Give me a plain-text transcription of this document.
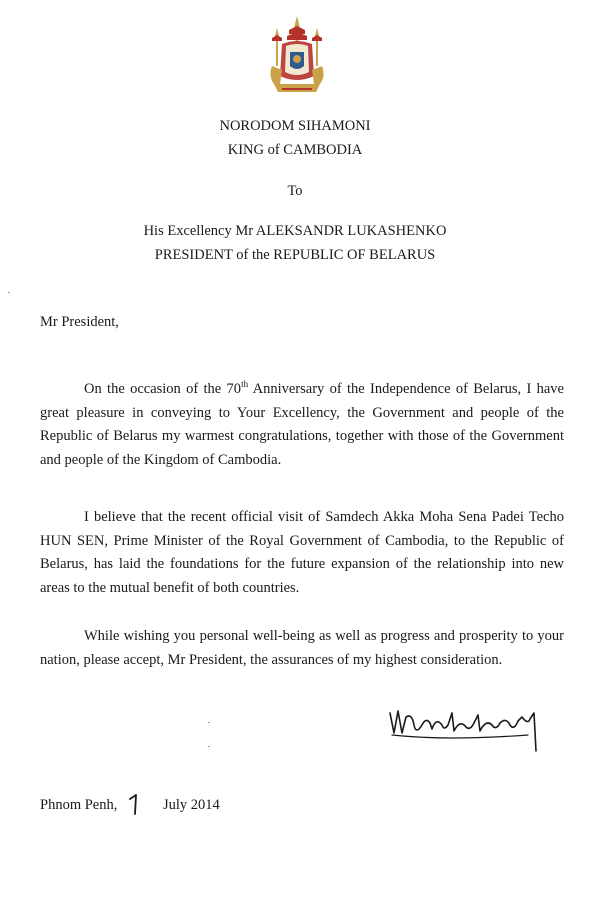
NORODOM SIHAMONI
KING of CAMBODIA
To
His Excellency Mr ALEKSANDR LUKASHENKO
PRESIDENT of the REPUBLIC OF BELARUS
Mr President,

On the occasion of the 70th Anniversary of the Independence of Belarus, I have great pleasure in conveying to Your Excellency, the Government and people of the Republic of Belarus my warmest congratulations, together with those of the Government and people of the Kingdom of Cambodia.

I believe that the recent official visit of Samdech Akka Moha Sena Padei Techo HUN SEN, Prime Minister of the Royal Government of Cambodia, to the Republic of Belarus, has laid the foundations for the future expansion of the relationship into new areas to the mutual benefit of both countries.

While wishing you personal well-being as well as progress and prosperity to your nation, please accept, Mr President, the assurances of my highest consideration.

Phnom Penh,	July 2014
